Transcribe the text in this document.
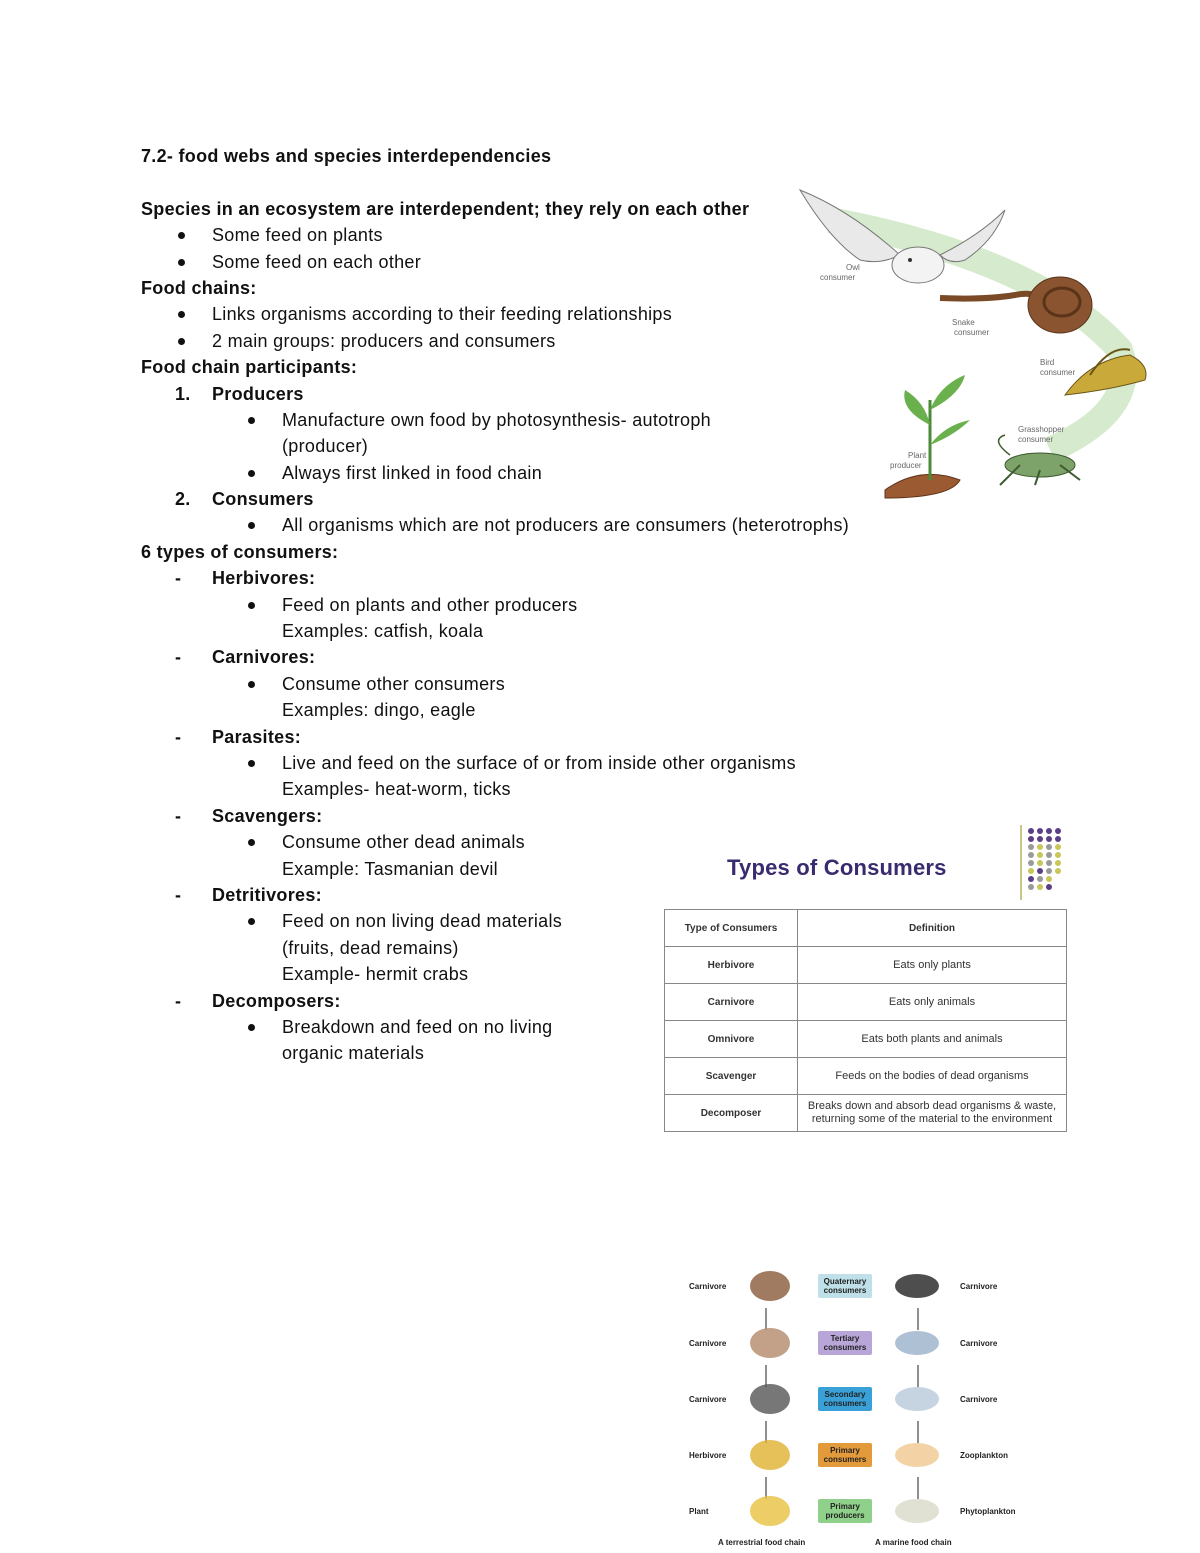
7.2- food webs and species interdependencies
Species in an ecosystem are interdependent; they rely on each other
Some feed on plants
Some feed on each other
Food chains:
Links organisms according to their feeding relationships
2 main groups: producers and consumers
Food chain participants:
1. Producers
Manufacture own food by photosynthesis- autotroph
(producer)
Always first linked in food chain
2. Consumers
All organisms which are not producers are consumers (heterotrophs)
6 types of consumers:
- Herbivores:
Feed on plants and other producers
Examples: catfish, koala
- Carnivores:
Consume other consumers
Examples: dingo, eagle
- Parasites:
Live and feed on the surface of or from inside other organisms
Examples- heat-worm, ticks
- Scavengers:
Consume other dead animals
Example: Tasmanian devil
- Detritivores:
Feed on non living dead materials
(fruits, dead remains)
Example- hermit crabs
- Decomposers:
Breakdown and feed on no living
organic materials
Owl
consumer
Snake
consumer
Bird
consumer
Grasshopper
consumer
Plant
producer
Types of Consumers
Type of Consumers	Definition
Herbivore	Eats only plants
Carnivore	Eats only animals
Omnivore	Eats both plants and animals
Scavenger	Feeds on the bodies of dead organisms
Decomposer	Breaks down and absorb dead organisms & waste, returning some of the material to the environment
Carnivore
Quaternary
consumers	Carnivore
Carnivore
Tertiary
consumers	Carnivore
Carnivore
Secondary
consumers	Carnivore
Herbivore
Primary
consumers	Zooplankton
Plant
Primary
producers	Phytoplankton
A terrestrial food chain	A marine food chain
